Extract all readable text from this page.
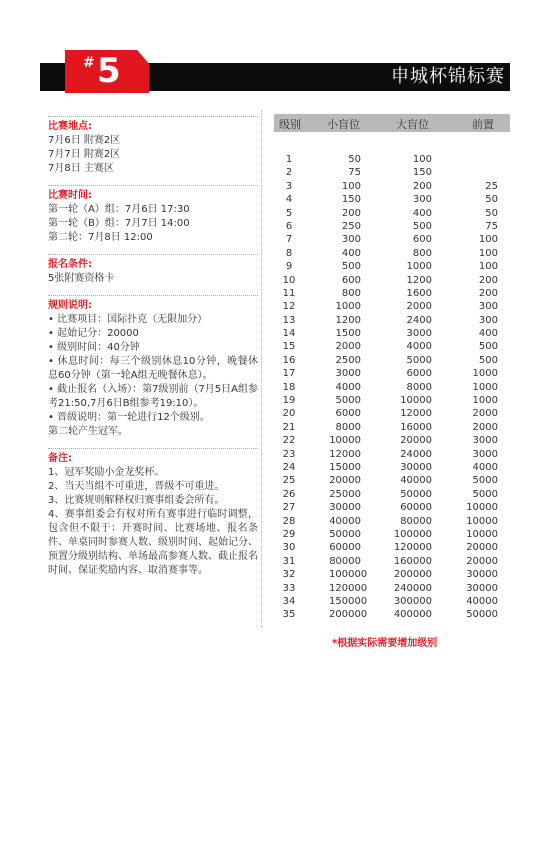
# 5	申城杯锦标赛
比赛地点:

7月6日 附赛2区

7月7日 附赛2区

7月8日 主赛区

比赛时间:

第一轮（A）组：7月6日 17:30

第一轮（B）组：7月7日 14:00

第二轮：7月8日 12:00

报名条件:

5张附赛资格卡

规则说明:

• 比赛项目：国际扑克（无限加分）

• 起始记分：20000

• 级别时间：40分钟

• 休息时间：每三个级别休息10分钟，晚餐休息60分钟（第一轮A组无晚餐休息）。

• 截止报名（入场）：第7级别前（7月5日A组参考21:50,7月6日B组参考19:10）。

• 晋级说明：第一轮进行12个级别。

第二轮产生冠军。

备注:

1、冠军奖励小金龙奖杯。

2、当天当组不可重进，晋级不可重进。

3、比赛规则解释权归赛事组委会所有。

4、赛事组委会有权对所有赛事进行临时调整，包含但不限于：开赛时间、比赛场地、报名条件、单桌同时参赛人数、级别时间、起始记分、预置分级别结构、单场最高参赛人数、截止报名时间、保证奖励内容、取消赛事等。

级别 小盲位	大盲位	前置
1	50	100
2	75	150
3	100	200	25
4	150	300	50
5	200	400	50
6	250	500	75
7	300	600	100
8	400	800	100
9	500	1000	100
10	600	1200	200
11	800	1600	200
12	1000	2000	300
13	1200	2400	300
14	1500	3000	400
15	2000	4000	500
16	2500	5000	500
17	3000	6000	1000
18	4000	8000	1000
19	5000	10000	1000
20	6000	12000	2000
21	8000	16000	2000
22	10000	20000	3000
23	12000	24000	3000
24	15000	30000	4000
25	20000	40000	5000
26	25000	50000	5000
27	30000	60000	10000
28	40000	80000	10000
29	50000	100000	10000
30	60000	120000	20000
31	80000	160000	20000
32	100000	200000	30000
33	120000	240000	30000
34	150000	300000	40000
35	200000	400000	50000
*根据实际需要增加级别
